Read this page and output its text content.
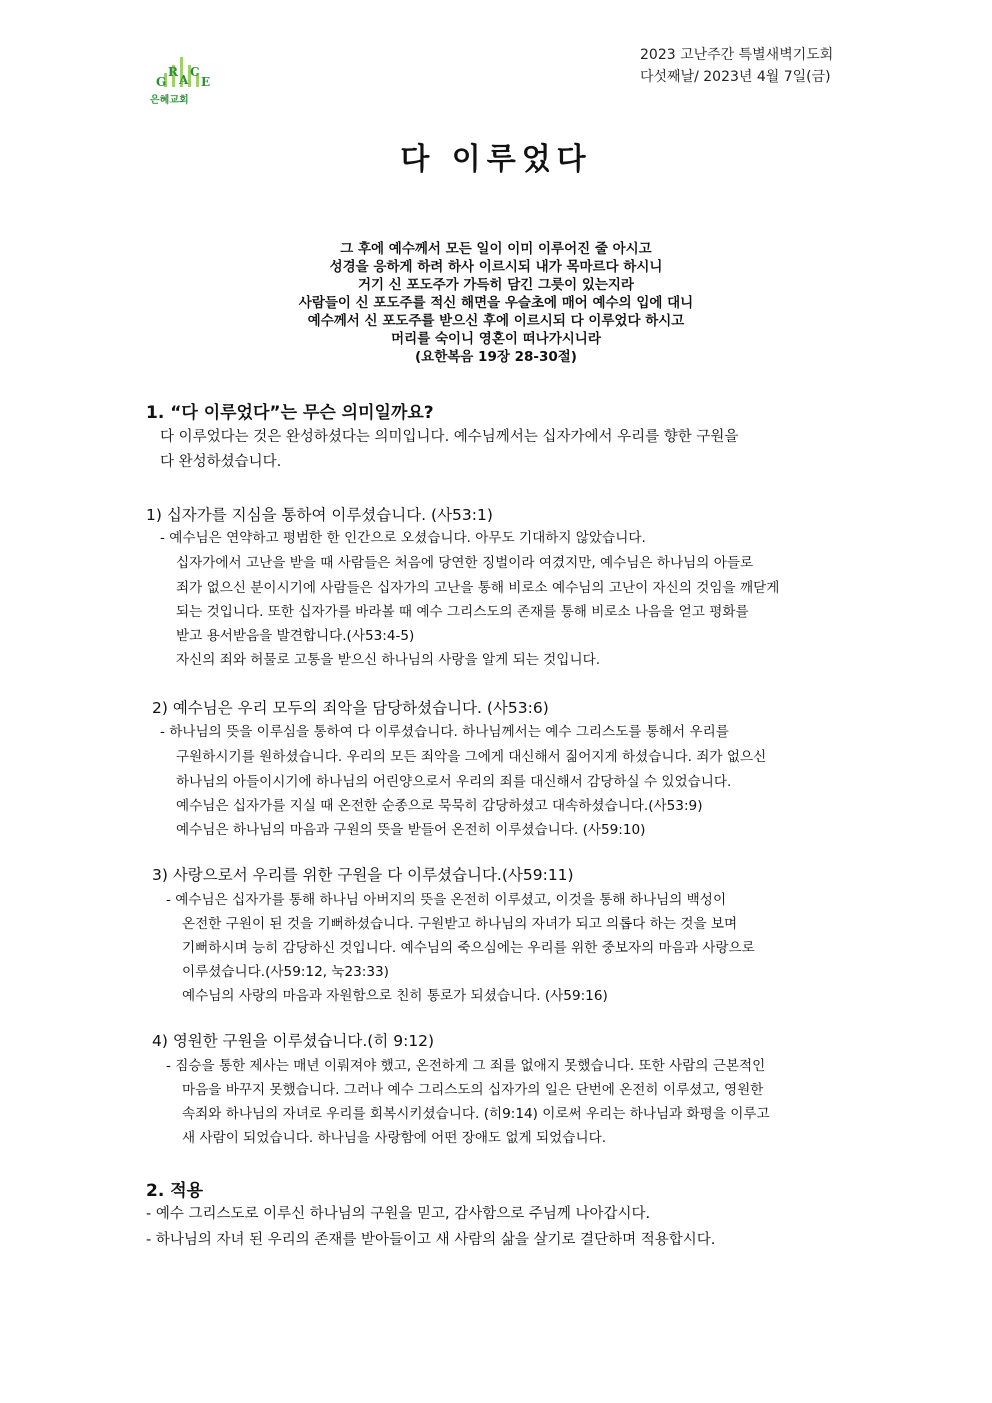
G
R
A
C
E
은혜교회
2023 고난주간 특별새벽기도회
다섯째날/ 2023년 4월 7일(금)
다 이루었다
그 후에 예수께서 모든 일이 이미 이루어진 줄 아시고
성경을 응하게 하려 하사 이르시되 내가 목마르다 하시니
거기 신 포도주가 가득히 담긴 그릇이 있는지라
사람들이 신 포도주를 적신 해면을 우슬초에 매어 예수의 입에 대니
예수께서 신 포도주를 받으신 후에 이르시되 다 이루었다 하시고
머리를 숙이니 영혼이 떠나가시니라
(요한복음 19장 28-30절)
1. “다 이루었다”는 무슨 의미일까요?
다 이루었다는 것은 완성하셨다는 의미입니다. 예수님께서는 십자가에서 우리를 향한 구원을
다 완성하셨습니다.
1) 십자가를 지심을 통하여 이루셨습니다. (사53:1)
- 예수님은 연약하고 평범한 한 인간으로 오셨습니다. 아무도 기대하지 않았습니다.
십자가에서 고난을 받을 때 사람들은 처음에 당연한 징벌이라 여겼지만, 예수님은 하나님의 아들로
죄가 없으신 분이시기에 사람들은 십자가의 고난을 통해 비로소 예수님의 고난이 자신의 것임을 깨닫게
되는 것입니다. 또한 십자가를 바라볼 때 예수 그리스도의 존재를 통해 비로소 나음을 얻고 평화를
받고 용서받음을 발견합니다.(사53:4-5)
자신의 죄와 허물로 고통을 받으신 하나님의 사랑을 알게 되는 것입니다.
2) 예수님은 우리 모두의 죄악을 담당하셨습니다. (사53:6)
- 하나님의 뜻을 이루심을 통하여 다 이루셨습니다. 하나님께서는 예수 그리스도를 통해서 우리를
구원하시기를 원하셨습니다. 우리의 모든 죄악을 그에게 대신해서 짊어지게 하셨습니다. 죄가 없으신
하나님의 아들이시기에 하나님의 어린양으로서 우리의 죄를 대신해서 감당하실 수 있었습니다.
예수님은 십자가를 지실 때 온전한 순종으로 묵묵히 감당하셨고 대속하셨습니다.(사53:9)
예수님은 하나님의 마음과 구원의 뜻을 받들어 온전히 이루셨습니다. (사59:10)
3) 사랑으로서 우리를 위한 구원을 다 이루셨습니다.(사59:11)
- 예수님은 십자가를 통해 하나님 아버지의 뜻을 온전히 이루셨고, 이것을 통해 하나님의 백성이
온전한 구원이 된 것을 기뻐하셨습니다. 구원받고 하나님의 자녀가 되고 의롭다 하는 것을 보며
기뻐하시며 능히 감당하신 것입니다. 예수님의 죽으심에는 우리를 위한 중보자의 마음과 사랑으로
이루셨습니다.(사59:12, 눅23:33)
예수님의 사랑의 마음과 자원함으로 친히 통로가 되셨습니다. (사59:16)
4) 영원한 구원을 이루셨습니다.(히 9:12)
- 짐승을 통한 제사는 매년 이뤄져야 했고, 온전하게 그 죄를 없애지 못했습니다. 또한 사람의 근본적인
마음을 바꾸지 못했습니다. 그러나 예수 그리스도의 십자가의 일은 단번에 온전히 이루셨고, 영원한
속죄와 하나님의 자녀로 우리를 회복시키셨습니다. (히9:14) 이로써 우리는 하나님과 화평을 이루고
새 사람이 되었습니다. 하나님을 사랑함에 어떤 장애도 없게 되었습니다.
2. 적용
- 예수 그리스도로 이루신 하나님의 구원을 믿고, 감사함으로 주님께 나아갑시다.
- 하나님의 자녀 된 우리의 존재를 받아들이고 새 사람의 삶을 살기로 결단하며 적용합시다.
